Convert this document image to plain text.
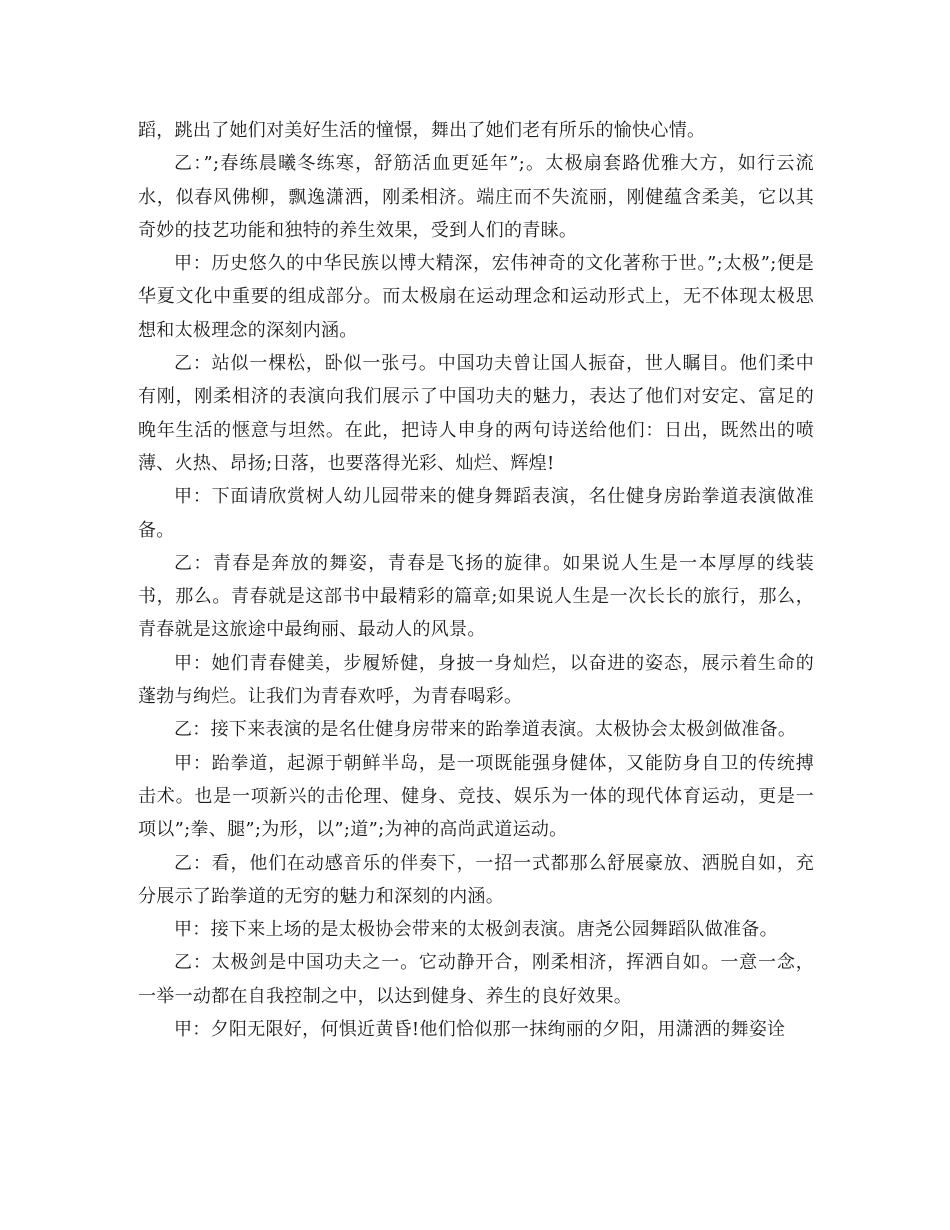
蹈，跳出了她们对美好生活的憧憬，舞出了她们老有所乐的愉快心情。

乙：”;春练晨曦冬练寒，舒筋活血更延年”;。太极扇套路优雅大方，如行云流水，似春风佛柳，飘逸潇洒，刚柔相济。端庄而不失流丽，刚健蕴含柔美，它以其奇妙的技艺功能和独特的养生效果，受到人们的青睐。

甲：历史悠久的中华民族以博大精深，宏伟神奇的文化著称于世。”;太极”;便是华夏文化中重要的组成部分。而太极扇在运动理念和运动形式上，无不体现太极思想和太极理念的深刻内涵。

乙：站似一棵松，卧似一张弓。中国功夫曾让国人振奋，世人瞩目。他们柔中有刚，刚柔相济的表演向我们展示了中国功夫的魅力，表达了他们对安定、富足的晚年生活的惬意与坦然。在此，把诗人申身的两句诗送给他们：日出，既然出的喷薄、火热、昂扬;日落，也要落得光彩、灿烂、辉煌!

甲：下面请欣赏树人幼儿园带来的健身舞蹈表演，名仕健身房跆拳道表演做准备。

乙：青春是奔放的舞姿，青春是飞扬的旋律。如果说人生是一本厚厚的线装书，那么。青春就是这部书中最精彩的篇章;如果说人生是一次长长的旅行，那么，青春就是这旅途中最绚丽、最动人的风景。

甲：她们青春健美，步履矫健，身披一身灿烂，以奋进的姿态，展示着生命的蓬勃与绚烂。让我们为青春欢呼，为青春喝彩。

乙：接下来表演的是名仕健身房带来的跆拳道表演。太极协会太极剑做准备。

甲：跆拳道，起源于朝鲜半岛，是一项既能强身健体，又能防身自卫的传统搏击术。也是一项新兴的击伦理、健身、竞技、娱乐为一体的现代体育运动，更是一项以”;拳、腿”;为形，以”;道”;为神的高尚武道运动。

乙：看，他们在动感音乐的伴奏下，一招一式都那么舒展豪放、洒脱自如，充分展示了跆拳道的无穷的魅力和深刻的内涵。

甲：接下来上场的是太极协会带来的太极剑表演。唐尧公园舞蹈队做准备。

乙：太极剑是中国功夫之一。它动静开合，刚柔相济，挥洒自如。一意一念，一举一动都在自我控制之中，以达到健身、养生的良好效果。

甲：夕阳无限好，何惧近黄昏!他们恰似那一抹绚丽的夕阳，用潇洒的舞姿诠
